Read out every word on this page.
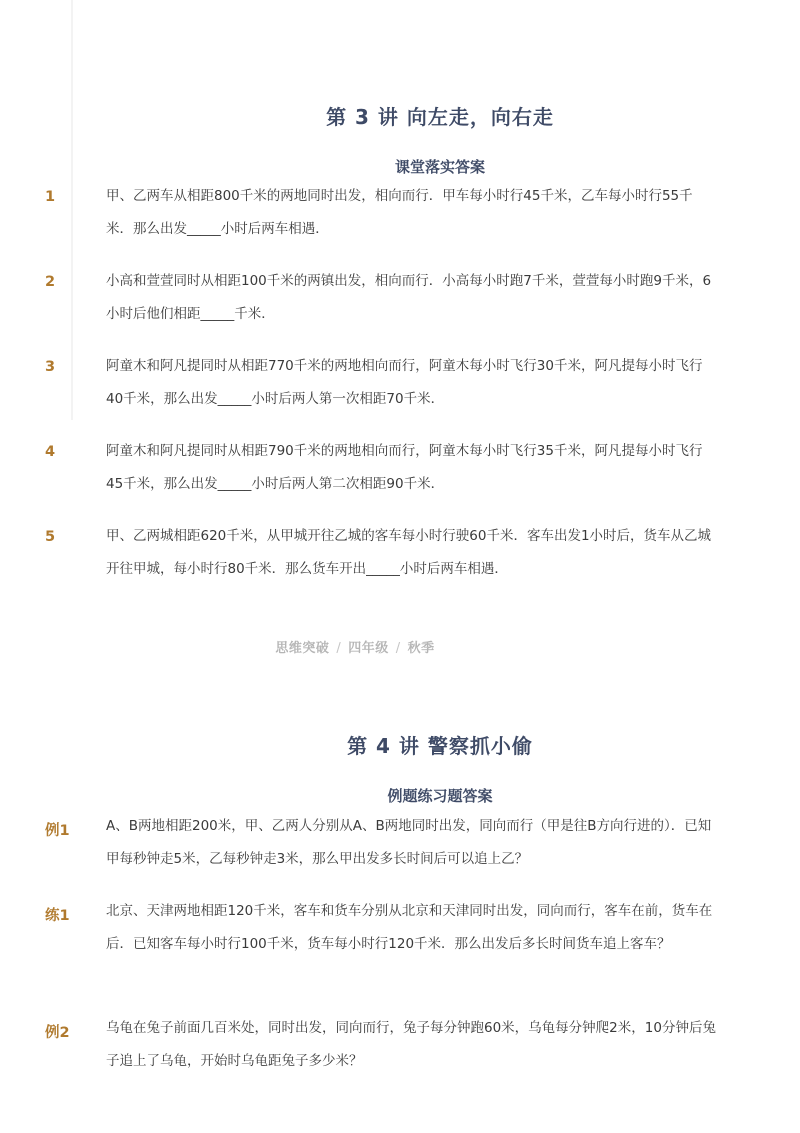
第 3 讲 向左走，向右走
课堂落实答案
1	甲、乙两车从相距800千米的两地同时出发，相向而行．甲车每小时行45千米，乙车每小时行55千米．那么出发_____小时后两车相遇．
2	小高和萱萱同时从相距100千米的两镇出发，相向而行．小高每小时跑7千米，萱萱每小时跑9千米，6小时后他们相距_____千米．
3	阿童木和阿凡提同时从相距770千米的两地相向而行，阿童木每小时飞行30千米，阿凡提每小时飞行40千米，那么出发_____小时后两人第一次相距70千米．
4	阿童木和阿凡提同时从相距790千米的两地相向而行，阿童木每小时飞行35千米，阿凡提每小时飞行45千米，那么出发_____小时后两人第二次相距90千米．
5	甲、乙两城相距620千米，从甲城开往乙城的客车每小时行驶60千米．客车出发1小时后，货车从乙城开往甲城，每小时行80千米．那么货车开出_____小时后两车相遇．
思维突破 / 四年级 / 秋季
第 4 讲 警察抓小偷
例题练习题答案
例1	A、B两地相距200米，甲、乙两人分别从A、B两地同时出发，同向而行（甲是往B方向行进的）．已知甲每秒钟走5米，乙每秒钟走3米，那么甲出发多长时间后可以追上乙？
练1	北京、天津两地相距120千米，客车和货车分别从北京和天津同时出发，同向而行，客车在前，货车在后．已知客车每小时行100千米，货车每小时行120千米．那么出发后多长时间货车追上客车？
例2	乌龟在兔子前面几百米处，同时出发，同向而行，兔子每分钟跑60米，乌龟每分钟爬2米，10分钟后兔子追上了乌龟，开始时乌龟距兔子多少米？
